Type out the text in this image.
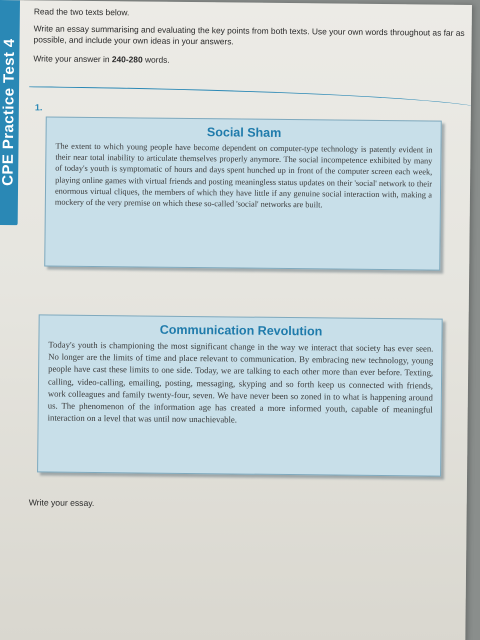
CPE Practice Test 4
Read the two texts below.
Write an essay summarising and evaluating the key points from both texts. Use your own words throughout as far as possible, and include your own ideas in your answers.
Write your answer in 240-280 words.
1.
Social Sham
The extent to which young people have become dependent on computer-type technology is patently evident in their near total inability to articulate themselves properly anymore. The social incompetence exhibited by many of today's youth is symptomatic of hours and days spent hunched up in front of the computer screen each week, playing online games with virtual friends and posting meaningless status updates on their 'social' network to their enormous virtual cliques, the members of which they have little if any genuine social interaction with, making a mockery of the very premise on which these so-called 'social' networks are built.
Communication Revolution
Today's youth is championing the most significant change in the way we interact that society has ever seen. No longer are the limits of time and place relevant to communication. By embracing new technology, young people have cast these limits to one side. Today, we are talking to each other more than ever before. Texting, calling, video-calling, emailing, posting, messaging, skyping and so forth keep us connected with friends, work colleagues and family twenty-four, seven. We have never been so zoned in to what is happening around us. The phenomenon of the information age has created a more informed youth, capable of meaningful interaction on a level that was until now unachievable.
Write your essay.
